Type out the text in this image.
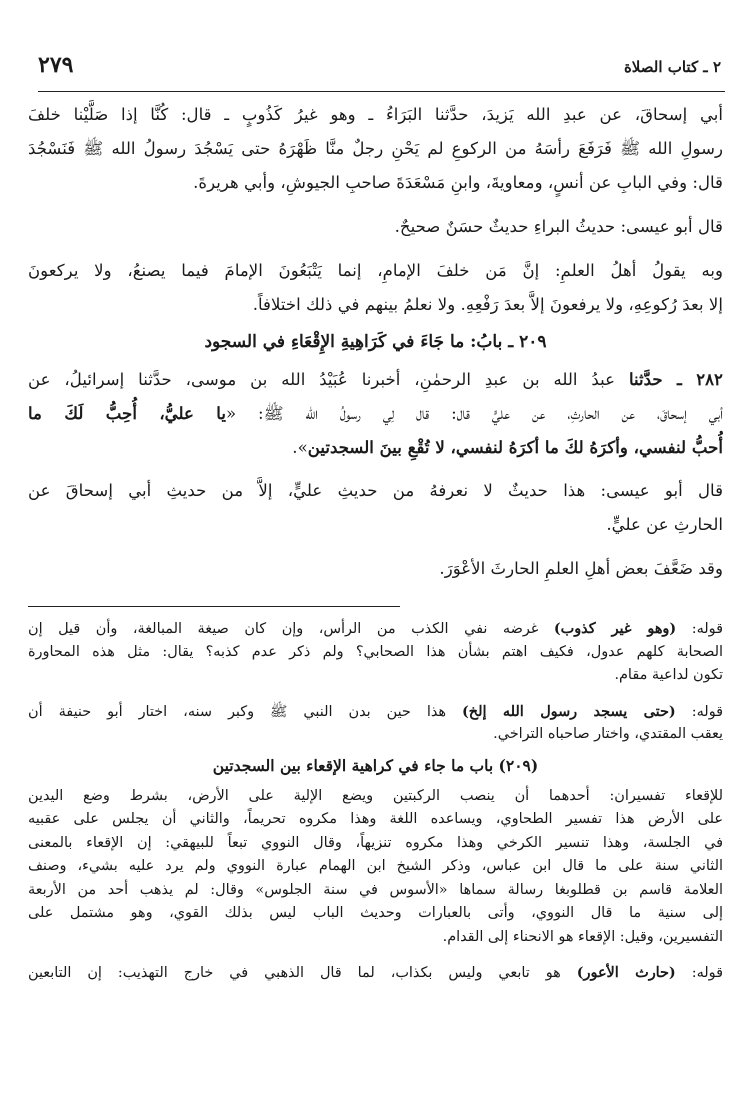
٢ ـ كتاب الصلاة
٢٧٩
أبي إسحاقَ، عن عبدِ الله يَزيدَ، حدَّثنا البَرَاءُ ـ وهو غيرُ كَذُوبٍ ـ قال: كُنَّا إذا صَلَّيْنا خلفَ
رسولِ الله ﷺ فَرَفَعَ رأسَهُ من الركوعِ لم يَحْنِ رجلٌ منَّا ظَهْرَهُ حتى يَسْجُدَ رسولُ الله ﷺ فَنَسْجُدَ
قال: وفي البابِ عن أنسٍ، ومعاويةَ، وابنِ مَسْعَدَةَ صاحبِ الجيوشِ، وأبي هريرةَ.
قال أبو عيسى: حديثُ البراءِ حديثٌ حسَنٌ صحيحٌ.
وبه يقولُ أهلُ العلمِ: إنَّ مَن خلفَ الإمامِ، إنما يَتْبَعُونَ الإمامَ فيما يصنعُ، ولا يركعونَ
إلا بعدَ رُكوعِهِ، ولا يرفعونَ إلاَّ بعدَ رَفْعِهِ. ولا نعلمُ بينهم في ذلك اختلافاً.
٢٠٩ ـ بابُ: ما جَاءَ في كَرَاهِيةِ الإِقْعَاءِ في السجود
٢٨٢ ـ حدَّثنا عبدُ الله بن عبدِ الرحمٰنِ، أخبرنا عُبَيْدُ الله بن موسى، حدَّثنا إسرائيلُ، عن
أبي إسحاقَ، عن الحارثِ، عن عليٍّ قال: قال لِي رسولُ الله ﷺ: «يا عليُّ، أُحِبُّ لَكَ ما
أُحبُّ لنفسي، وأكرَهُ لكَ ما أكرَهُ لنفسي، لا تُقْعِ بينَ السجدتين».
قال أبو عيسى: هذا حديثٌ لا نعرفهُ من حديثِ عليٍّ، إلاَّ من حديثِ أبي إسحاقَ عن
الحارثِ عن عليٍّ.
وقد ضَعَّفَ بعض أهلِ العلمِ الحارثَ الأعْوَرَ.
قوله: (وهو غير كذوب) غرضه نفي الكذب من الرأس، وإن كان صيغة المبالغة، وأن قيل إن
الصحابة كلهم عدول، فكيف اهتم بشأن هذا الصحابي؟ ولم ذكر عدم كذبه؟ يقال: مثل هذه المحاورة
تكون لداعية مقام.
قوله: (حتى يسجد رسول الله إلخ) هذا حين بدن النبي ﷺ وكبر سنه، اختار أبو حنيفة أن
يعقب المقتدي، واختار صاحباه التراخي.
(٢٠٩) باب ما جاء في كراهية الإقعاء بين السجدتين
للإقعاء تفسيران: أحدهما أن ينصب الركبتين ويضع الإلية على الأرض، بشرط وضع اليدين
على الأرض هذا تفسير الطحاوي، ويساعده اللغة وهذا مكروه تحريماً، والثاني أن يجلس على عقبيه
في الجلسة، وهذا تنسير الكرخي وهذا مكروه تنزيهاً، وقال النووي تبعاً للبيهقي: إن الإقعاء بالمعنى
الثاني سنة على ما قال ابن عباس، وذكر الشيخ ابن الهمام عبارة النووي ولم يرد عليه بشيء، وصنف
العلامة قاسم بن قطلوبغا رسالة سماها «الأسوس في سنة الجلوس» وقال: لم يذهب أحد من الأربعة
إلى سنية ما قال النووي، وأتى بالعبارات وحديث الباب ليس بذلك القوي، وهو مشتمل على
التفسيرين، وقيل: الإقعاء هو الانحناء إلى القدام.
قوله: (حارث الأعور) هو تابعي وليس بكذاب، لما قال الذهبي في خارج التهذيب: إن التابعين
